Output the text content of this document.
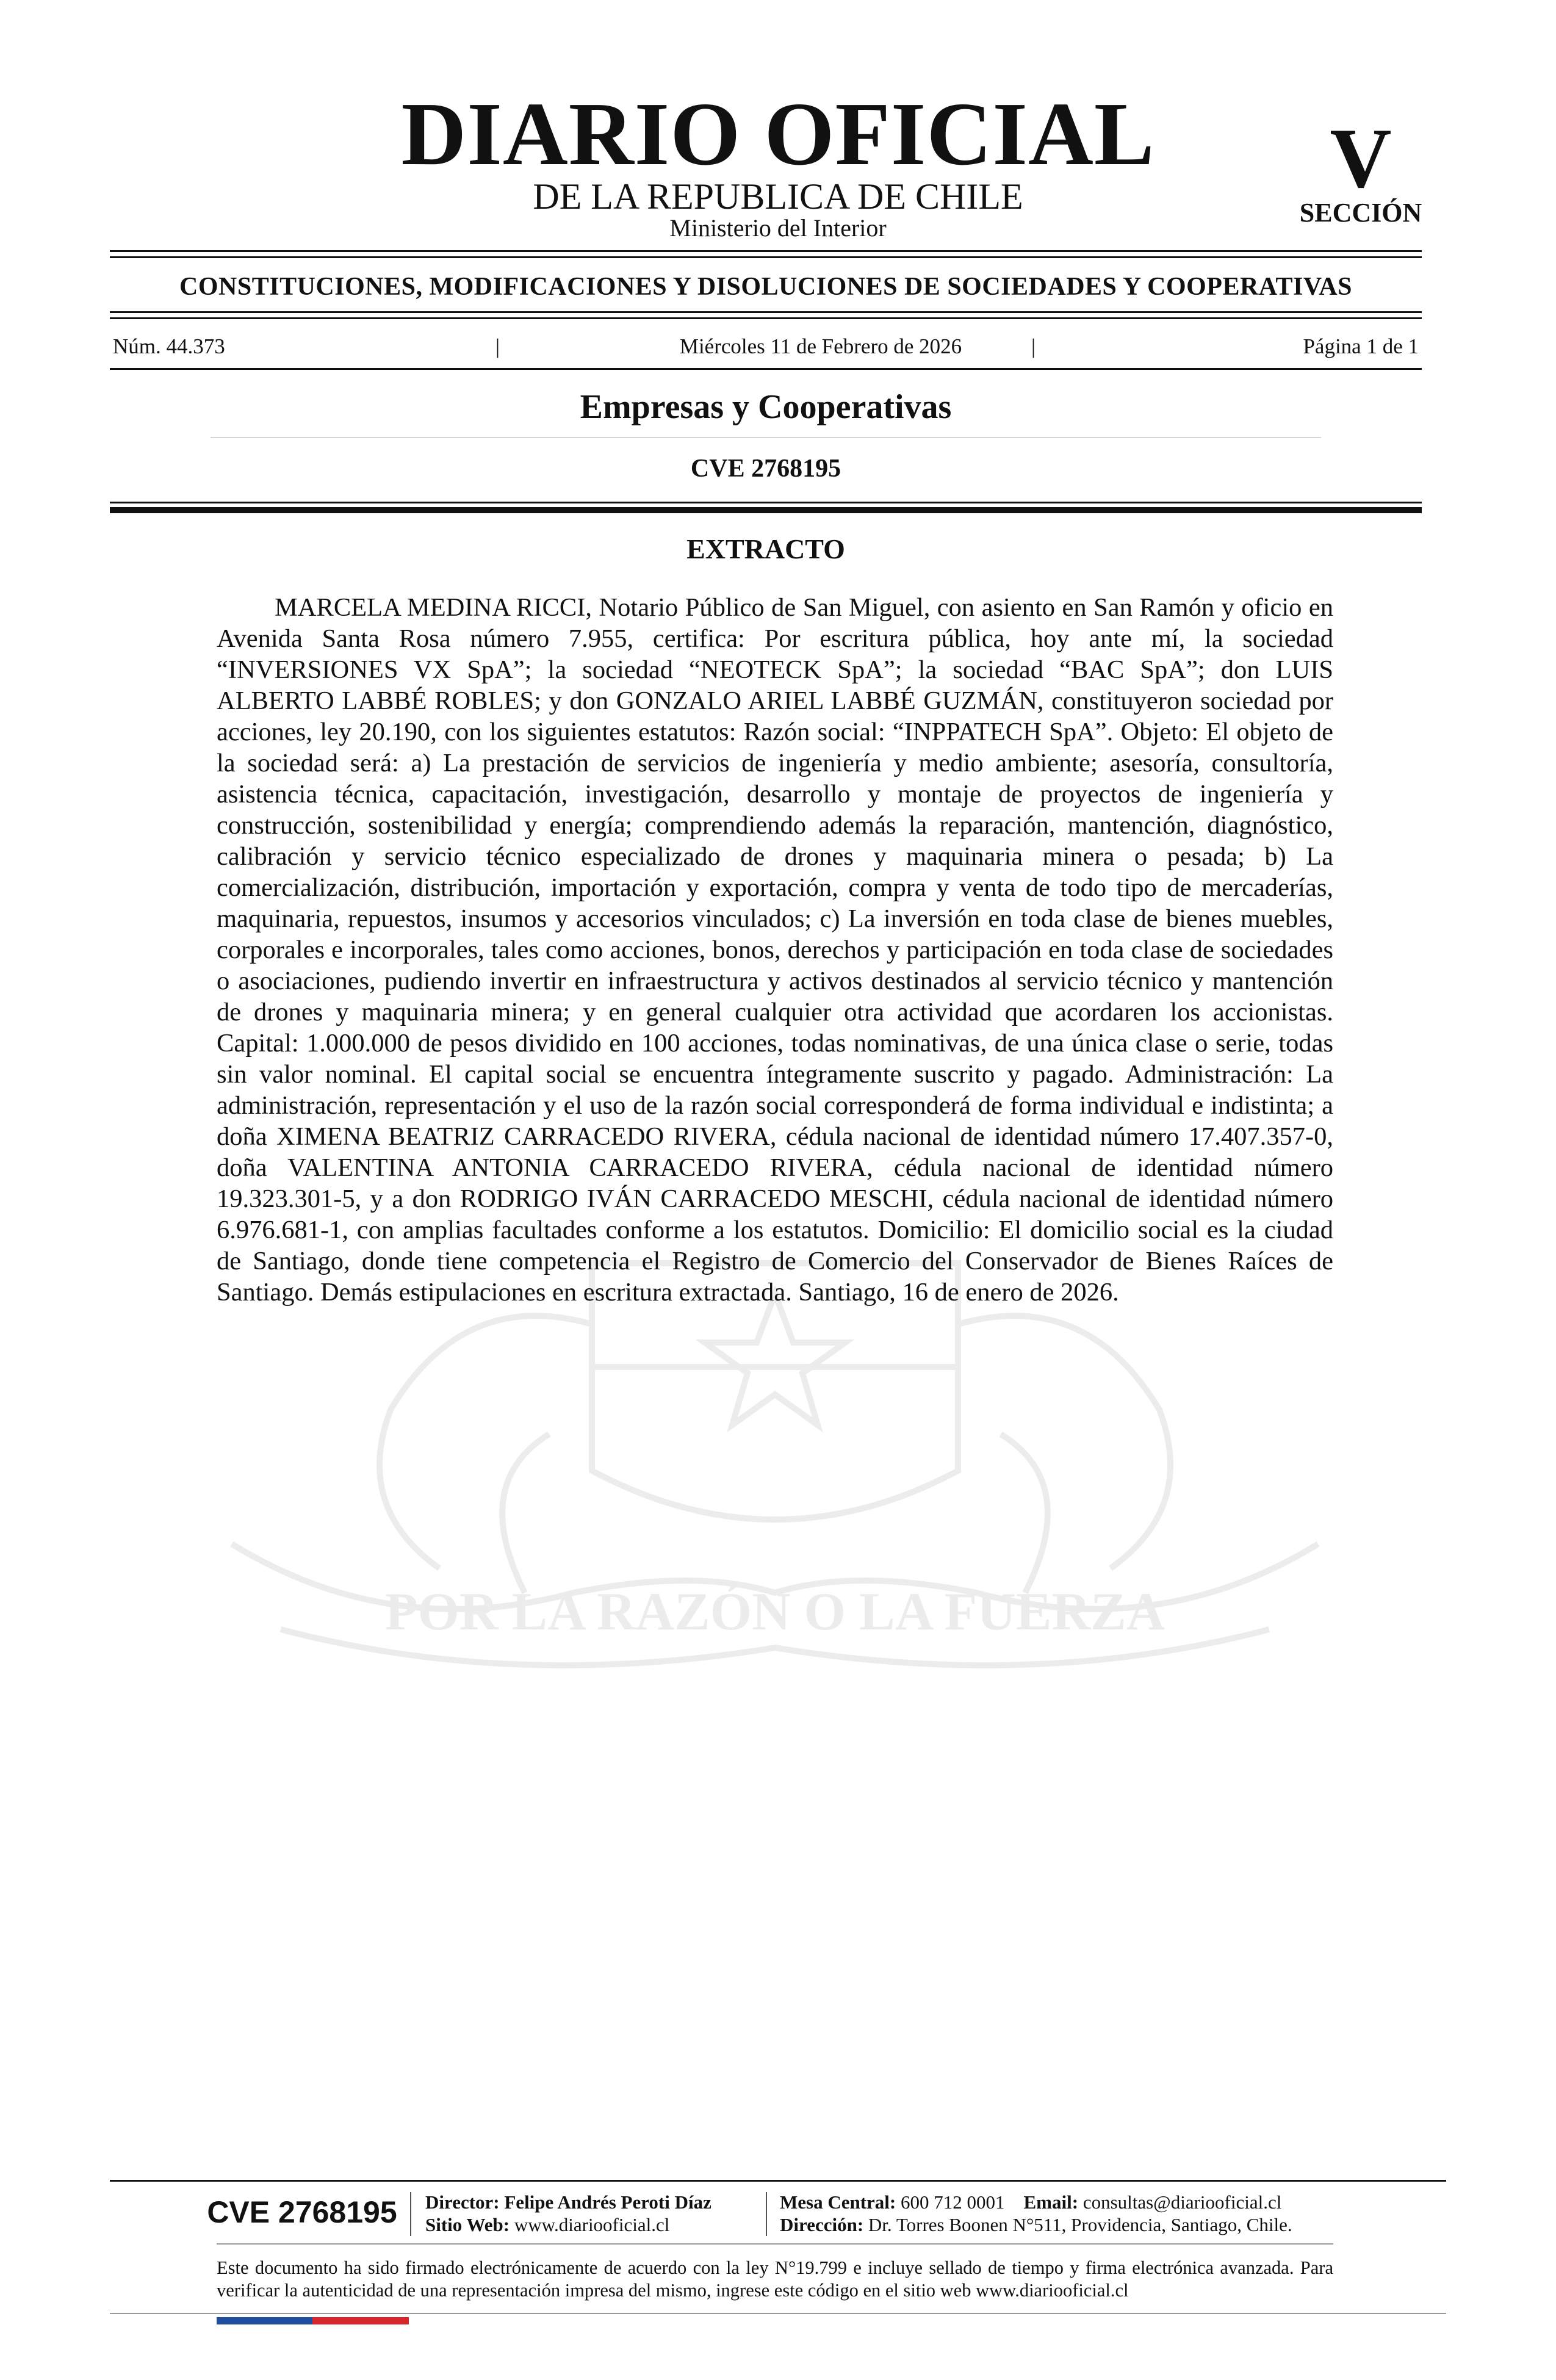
DIARIO OFICIAL
DE LA REPUBLICA DE CHILE
Ministerio del Interior
V
SECCIÓN
CONSTITUCIONES, MODIFICACIONES Y DISOLUCIONES DE SOCIEDADES Y COOPERATIVAS
Núm. 44.373	|	Miércoles 11 de Febrero de 2026	|	Página 1 de 1
Empresas y Cooperativas
CVE 2768195
POR LA RAZÓN O LA FUERZA
EXTRACTO

MARCELA MEDINA RICCI, Notario Público de San Miguel, con asiento en San Ramón y oficio en Avenida Santa Rosa número 7.955, certifica: Por escritura pública, hoy ante mí, la sociedad “INVERSIONES VX SpA”; la sociedad “NEOTECK SpA”; la sociedad “BAC SpA”; don LUIS ALBERTO LABBÉ ROBLES; y don GONZALO ARIEL LABBÉ GUZMÁN, constituyeron sociedad por acciones, ley 20.190, con los siguientes estatutos: Razón social: “INPPATECH SpA”. Objeto: El objeto de la sociedad será: a) La prestación de servicios de ingeniería y medio ambiente; asesoría, consultoría, asistencia técnica, capacitación, investigación, desarrollo y montaje de proyectos de ingeniería y construcción, sostenibilidad y energía; comprendiendo además la reparación, mantención, diagnóstico, calibración y servicio técnico especializado de drones y maquinaria minera o pesada; b) La comercialización, distribución, importación y exportación, compra y venta de todo tipo de mercaderías, maquinaria, repuestos, insumos y accesorios vinculados; c) La inversión en toda clase de bienes muebles, corporales e incorporales, tales como acciones, bonos, derechos y participación en toda clase de sociedades o asociaciones, pudiendo invertir en infraestructura y activos destinados al servicio técnico y mantención de drones y maquinaria minera; y en general cualquier otra actividad que acordaren los accionistas. Capital: 1.000.000 de pesos dividido en 100 acciones, todas nominativas, de una única clase o serie, todas sin valor nominal. El capital social se encuentra íntegramente suscrito y pagado. Administración: La administración, representación y el uso de la razón social corresponderá de forma individual e indistinta; a doña XIMENA BEATRIZ CARRACEDO RIVERA, cédula nacional de identidad número 17.407.357-0, doña VALENTINA ANTONIA CARRACEDO RIVERA, cédula nacional de identidad número 19.323.301-5, y a don RODRIGO IVÁN CARRACEDO MESCHI, cédula nacional de identidad número 6.976.681-1, con amplias facultades conforme a los estatutos. Domicilio: El domicilio social es la ciudad de Santiago, donde tiene competencia el Registro de Comercio del Conservador de Bienes Raíces de Santiago. Demás estipulaciones en escritura extractada. Santiago, 16 de enero de 2026.

CVE 2768195	Director: Felipe Andrés Peroti Díaz
Sitio Web: www.diariooficial.cl
Mesa Central: 600 712 0001 Email: consultas@diariooficial.cl
Dirección: Dr. Torres Boonen N°511, Providencia, Santiago, Chile.

Este documento ha sido firmado electrónicamente de acuerdo con la ley N°19.799 e incluye sellado de tiempo y firma electrónica avanzada. Para verificar la autenticidad de una representación impresa del mismo, ingrese este código en el sitio web www.diariooficial.cl
